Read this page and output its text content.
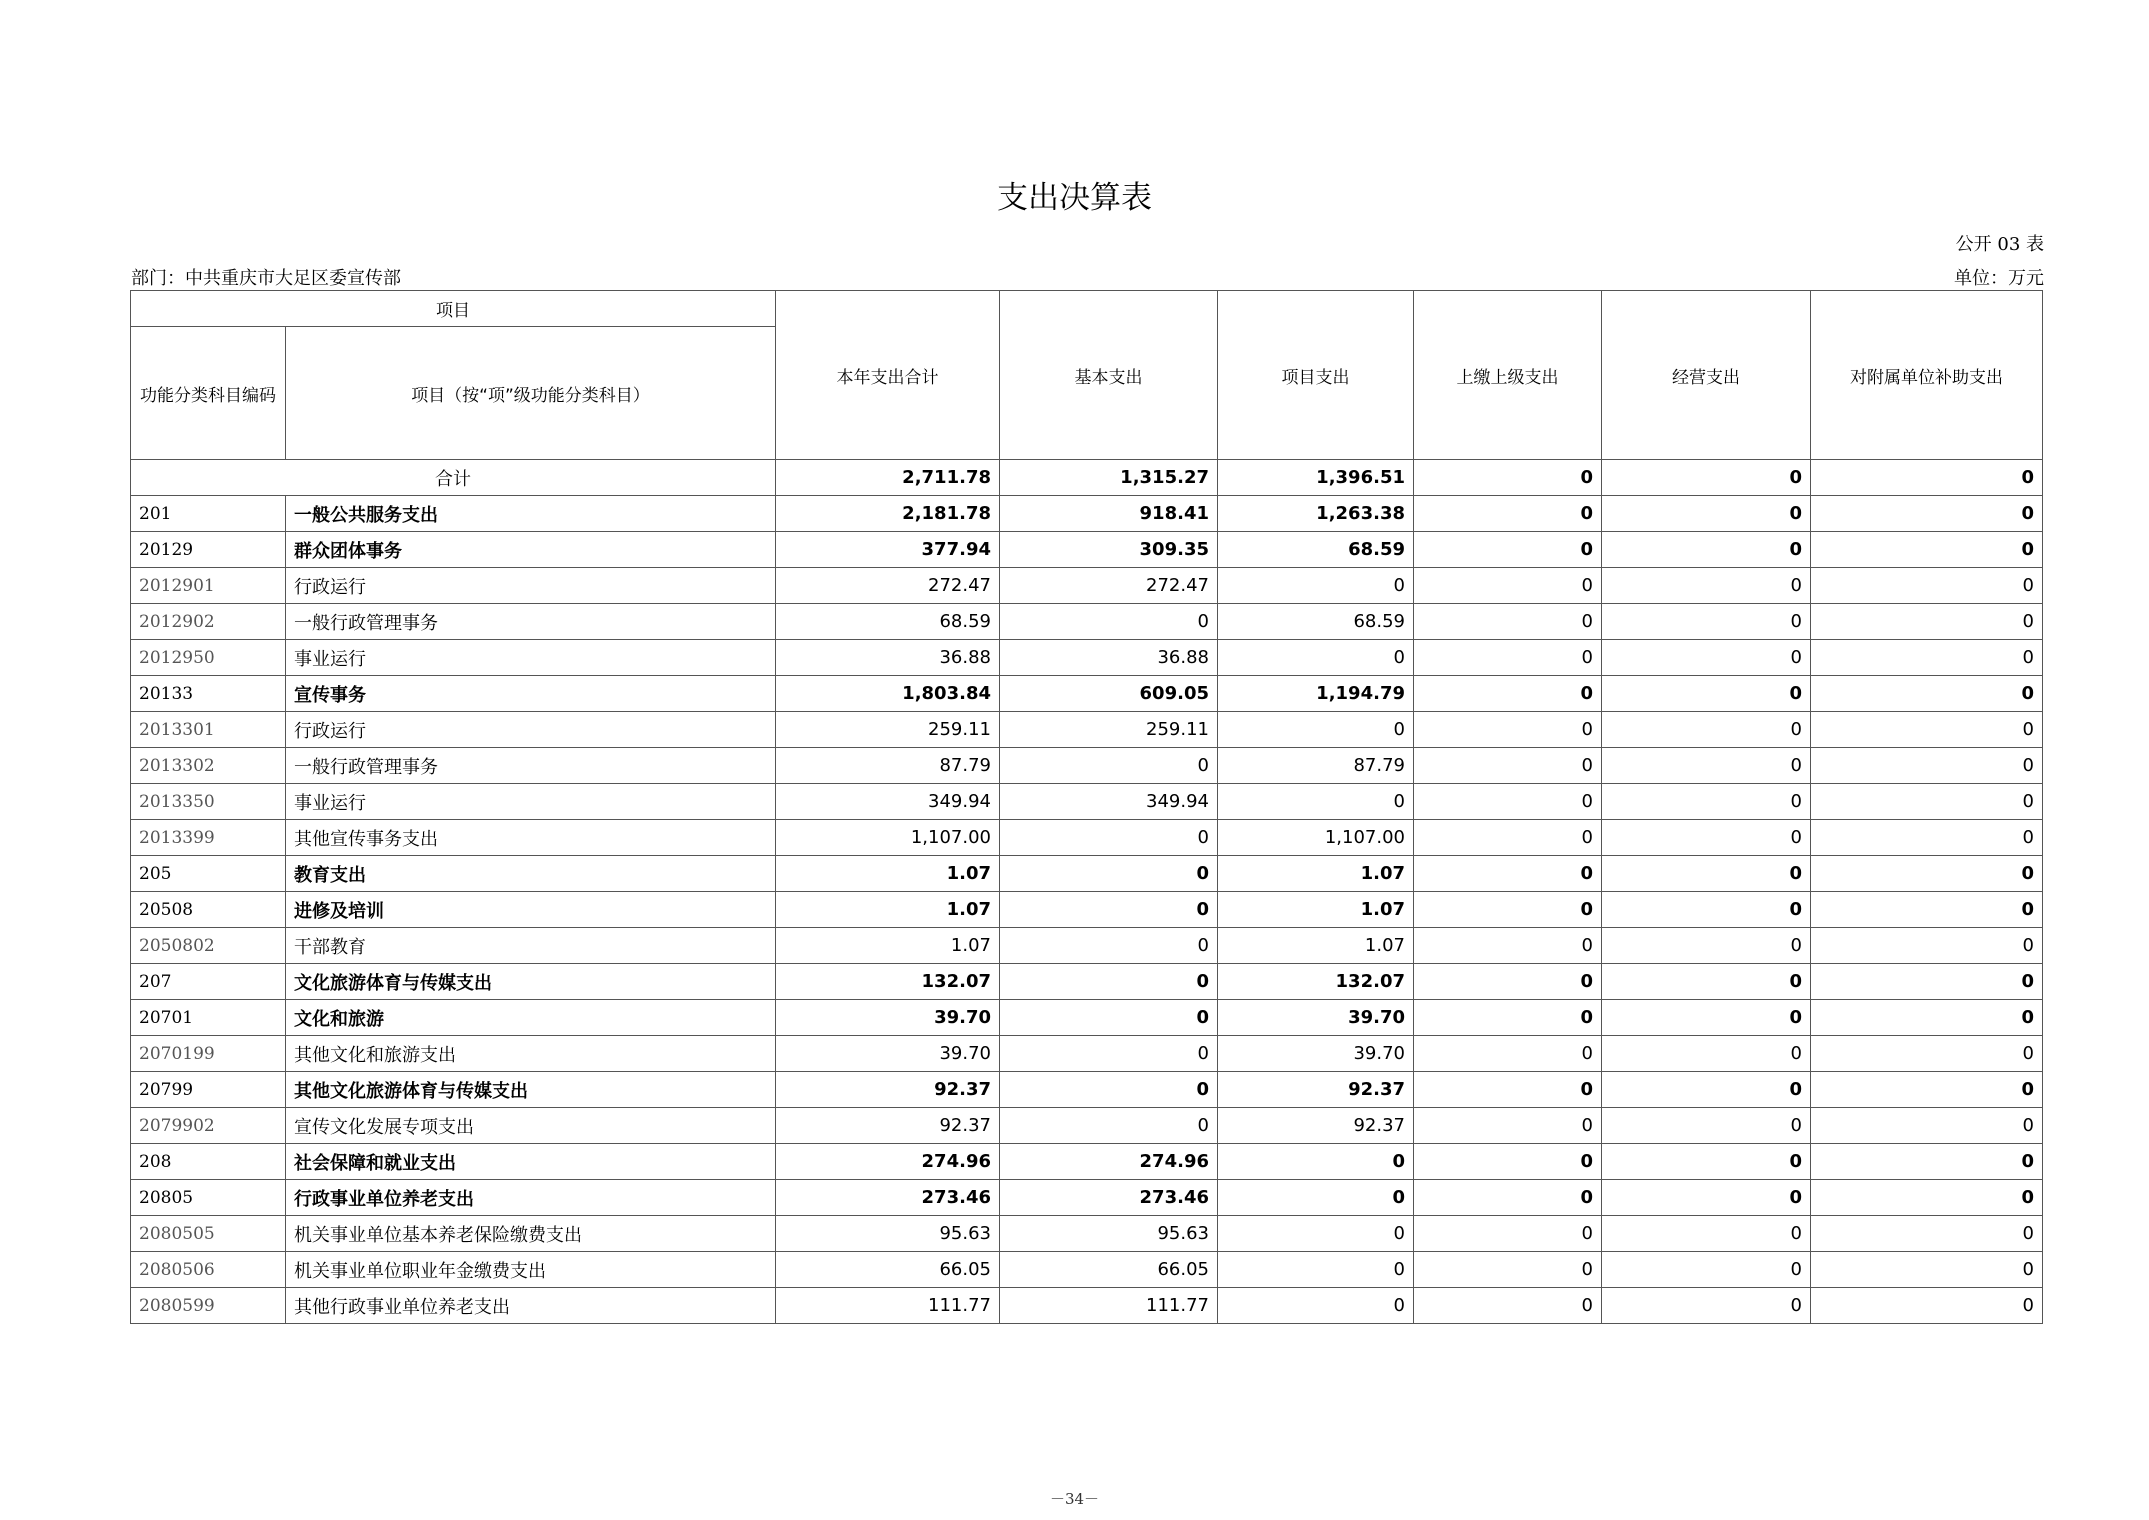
支出决算表
公开 03 表
部门：中共重庆市大足区委宣传部	单位：万元
项目		本年支出合计	基本支出	项目支出	上缴上级支出	经营支出	对附属单位补助支出
功能分类科目编码	项目（按“项”级功能分类科目）						
合计		2,711.78	1,315.27	1,396.51	0	0	0
201	一般公共服务支出	2,181.78	918.41	1,263.38	0	0	0
20129	群众团体事务	377.94	309.35	68.59	0	0	0
2012901	行政运行	272.47	272.47	0	0	0	0
2012902	一般行政管理事务	68.59	0	68.59	0	0	0
2012950	事业运行	36.88	36.88	0	0	0	0
20133	宣传事务	1,803.84	609.05	1,194.79	0	0	0
2013301	行政运行	259.11	259.11	0	0	0	0
2013302	一般行政管理事务	87.79	0	87.79	0	0	0
2013350	事业运行	349.94	349.94	0	0	0	0
2013399	其他宣传事务支出	1,107.00	0	1,107.00	0	0	0
205	教育支出	1.07	0	1.07	0	0	0
20508	进修及培训	1.07	0	1.07	0	0	0
2050802	干部教育	1.07	0	1.07	0	0	0
207	文化旅游体育与传媒支出	132.07	0	132.07	0	0	0
20701	文化和旅游	39.70	0	39.70	0	0	0
2070199	其他文化和旅游支出	39.70	0	39.70	0	0	0
20799	其他文化旅游体育与传媒支出	92.37	0	92.37	0	0	0
2079902	宣传文化发展专项支出	92.37	0	92.37	0	0	0
208	社会保障和就业支出	274.96	274.96	0	0	0	0
20805	行政事业单位养老支出	273.46	273.46	0	0	0	0
2080505	机关事业单位基本养老保险缴费支出	95.63	95.63	0	0	0	0
2080506	机关事业单位职业年金缴费支出	66.05	66.05	0	0	0	0
2080599	其他行政事业单位养老支出	111.77	111.77	0	0	0	0
－34－
